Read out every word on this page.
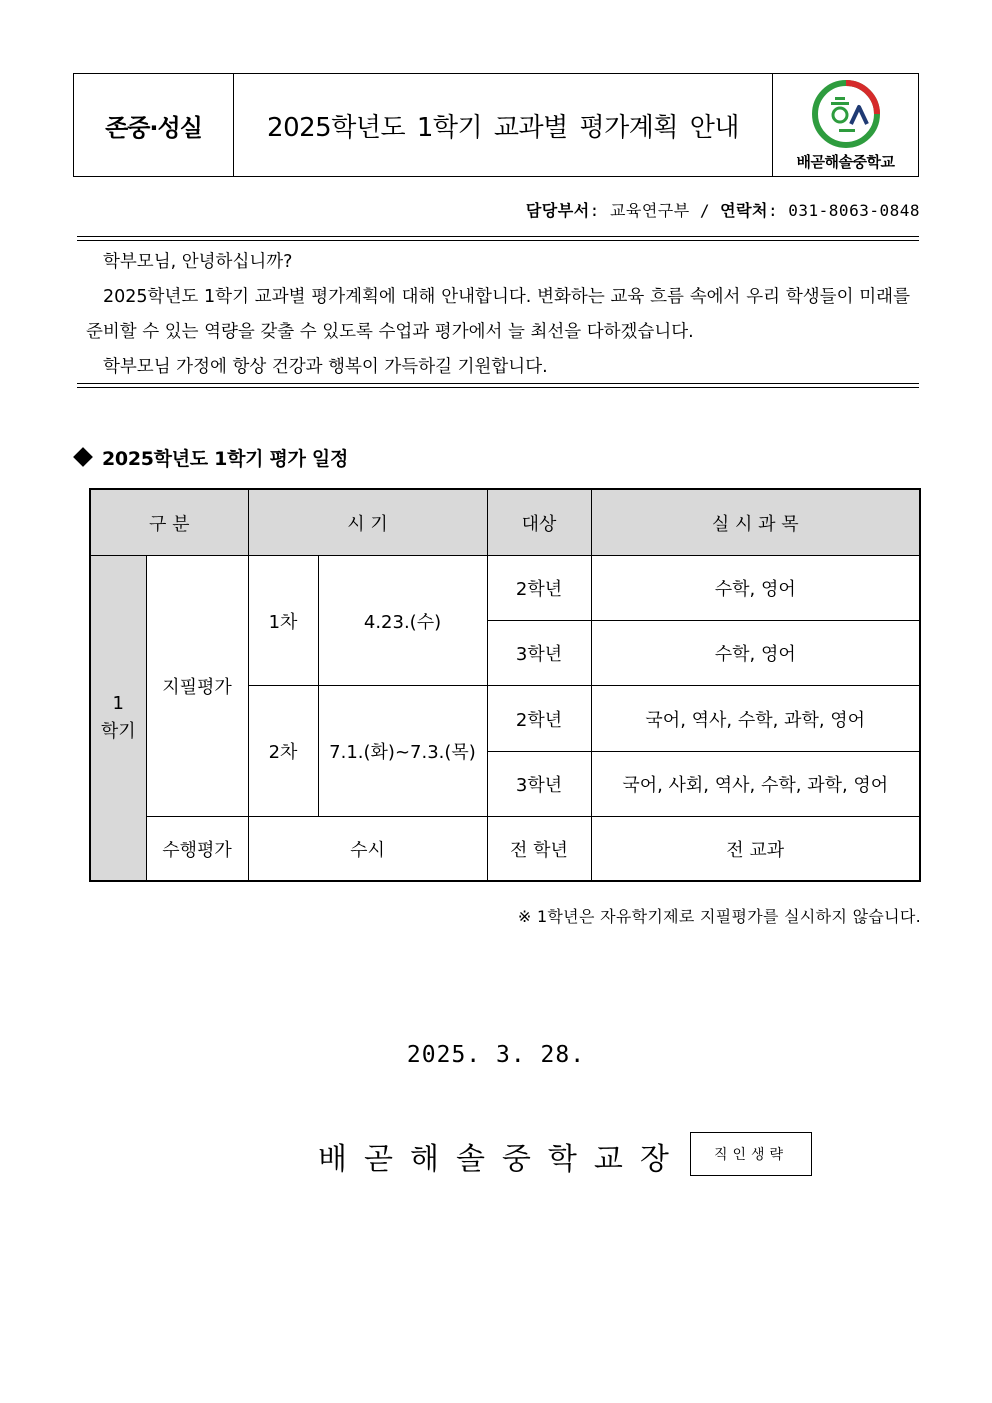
존중·성실	2025학년도 1학기 교과별 평가계획 안내
배곧해솔중학교
담당부서: 교육연구부 / 연락처: 031-8063-0848

학부모님, 안녕하십니까?

2025학년도 1학기 교과별 평가계획에 대해 안내합니다. 변화하는 교육 흐름 속에서 우리 학생들이 미래를 준비할 수 있는 역량을 갖출 수 있도록 수업과 평가에서 늘 최선을 다하겠습니다.

학부모님 가정에 항상 건강과 행복이 가득하길 기원합니다.

2025학년도 1학기 평가 일정
구 분		시 기		대상	실 시 과 목
1
학기	지필평가	1차	4.23.(수)	2학년	수학, 영어
				3학년	수학, 영어
		2차	7.1.(화)~7.3.(목)	2학년	국어, 역사, 수학, 과학, 영어
				3학년	국어, 사회, 역사, 수학, 과학, 영어
	수행평가	수시		전 학년	전 교과
※ 1학년은 자유학기제로 지필평가를 실시하지 않습니다.
2025. 3. 28.
배곧해솔중학교장	직인생략
